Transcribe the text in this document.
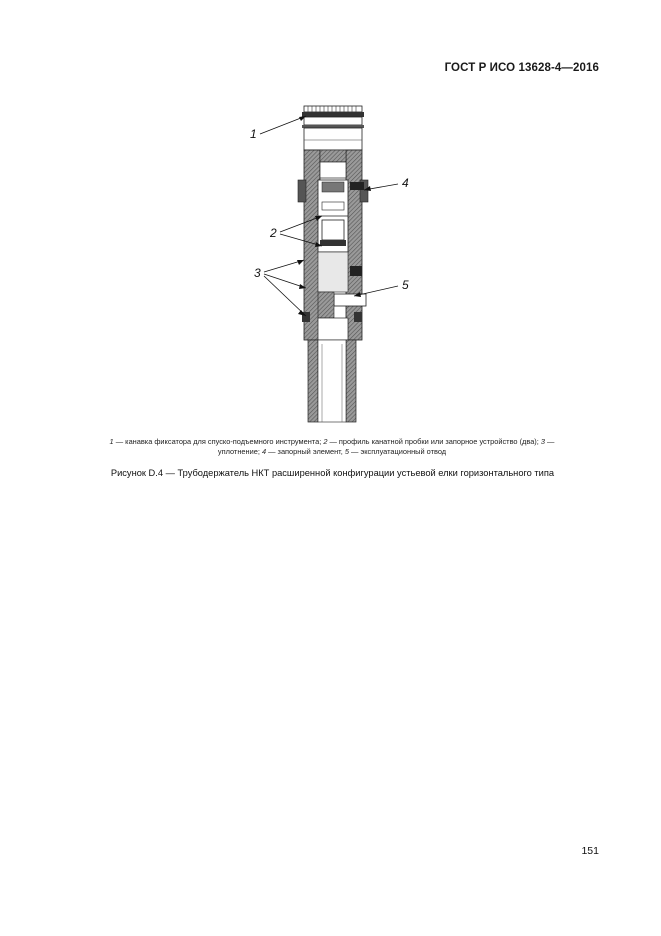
ГОСТ Р ИСО 13628-4—2016
1
4
2
3
5
1 — канавка фиксатора для спуско-подъемного инструмента; 2 — профиль канатной пробки или запорное устройство (два); 3 — уплотнение; 4 — запорный элемент, 5 — эксплуатационный отвод
Рисунок D.4 — Трубодержатель НКТ расширенной конфигурации устьевой елки горизонтального типа
151
